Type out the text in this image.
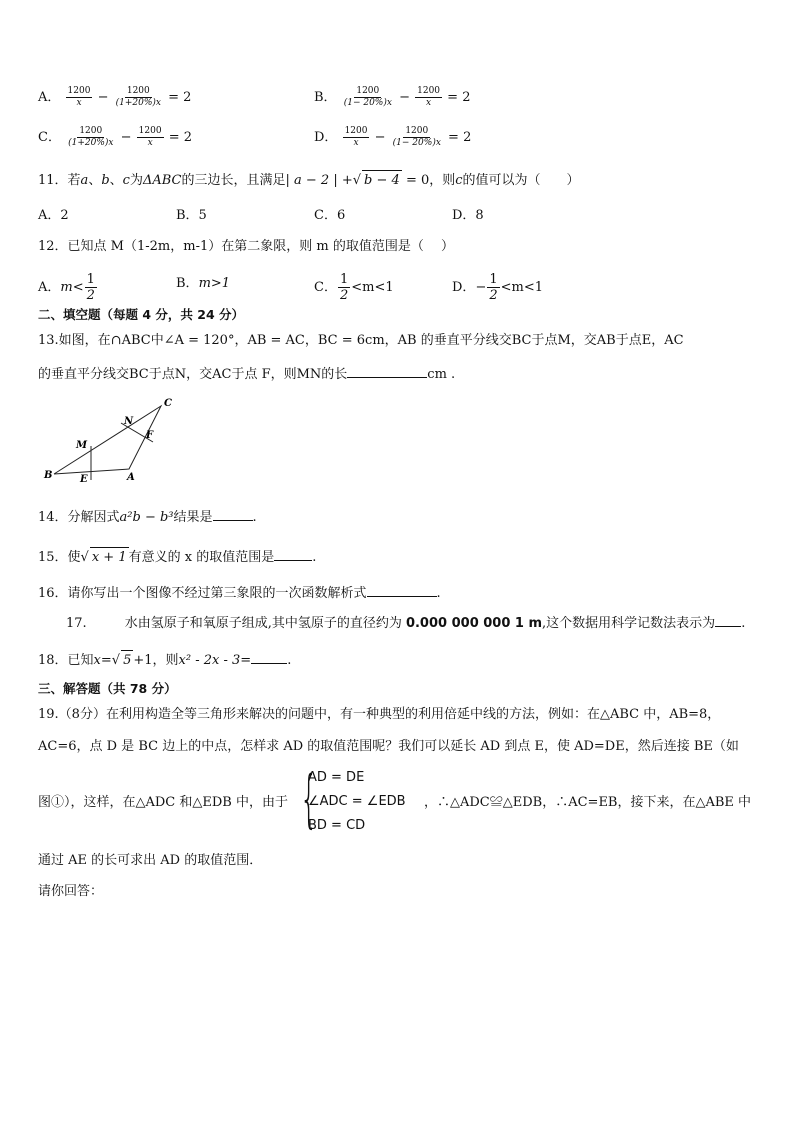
A． $\frac{1200}{x} - \frac{1200}{(1+20\%)x} = 2$	B． $\frac{1200}{(1- 20\%)x} - \frac{1200}{x} = 2$
C． $\frac{1200}{(1+20\%)x} - \frac{1200}{x} = 2$	D． $\frac{1200}{x} - \frac{1200}{(1- 20\%)x} = 2$
11．若a、b、c为ΔABC的三边长，且满足| a − 2 | +√ b − 4 = 0，则c的值可以为（　　）
A．2	B．5	C．6	D．8
12．已知点 M（1-2m，m-1）在第二象限，则 m 的取值范围是（　 ）
A．$m< \frac{1}{2}$	B．m>1	C． $\frac{1}{2} <m<1$	D．− $\frac{1}{2} <m<1$
二、填空题（每题 4 分，共 24 分）
13.如图，在∩ABC中∠A = 120°，AB = AC，BC = 6cm，AB 的垂直平分线交BC于点M，交AB于点E，AC
的垂直平分线交BC于点N，交AC于点 F，则MN的长	cm .
B	E	A
M
N
F
C
14．分解因式a²b − b³结果是	.
15．使√ x + 1 有意义的 x 的取值范围是	.
16．请你写出一个图像不经过第三象限的一次函数解析式	.
17.	水由氢原子和氧原子组成,其中氢原子的直径约为 0.000 000 000 1 m,这个数据用科学记数法表示为 .
18．已知x=√ 5 +1，则x² - 2x - 3=	.
三、解答题（共 78 分）
19.（8分）在利用构造全等三角形来解决的问题中，有一种典型的利用倍延中线的方法，例如：在△ABC 中，AB=8，
AC=6，点 D 是 BC 边上的中点，怎样求 AD 的取值范围呢？我们可以延长 AD 到点 E，使 AD=DE，然后连接 BE（如
图①），这样，在△ADC 和△EDB 中，由于 {
AD = DE
∠ADC = ∠EDB
BD = CD
，∴△ADC≌△EDB，∴AC=EB，接下来，在△ABE 中
通过 AE 的长可求出 AD 的取值范围．
请你回答：
